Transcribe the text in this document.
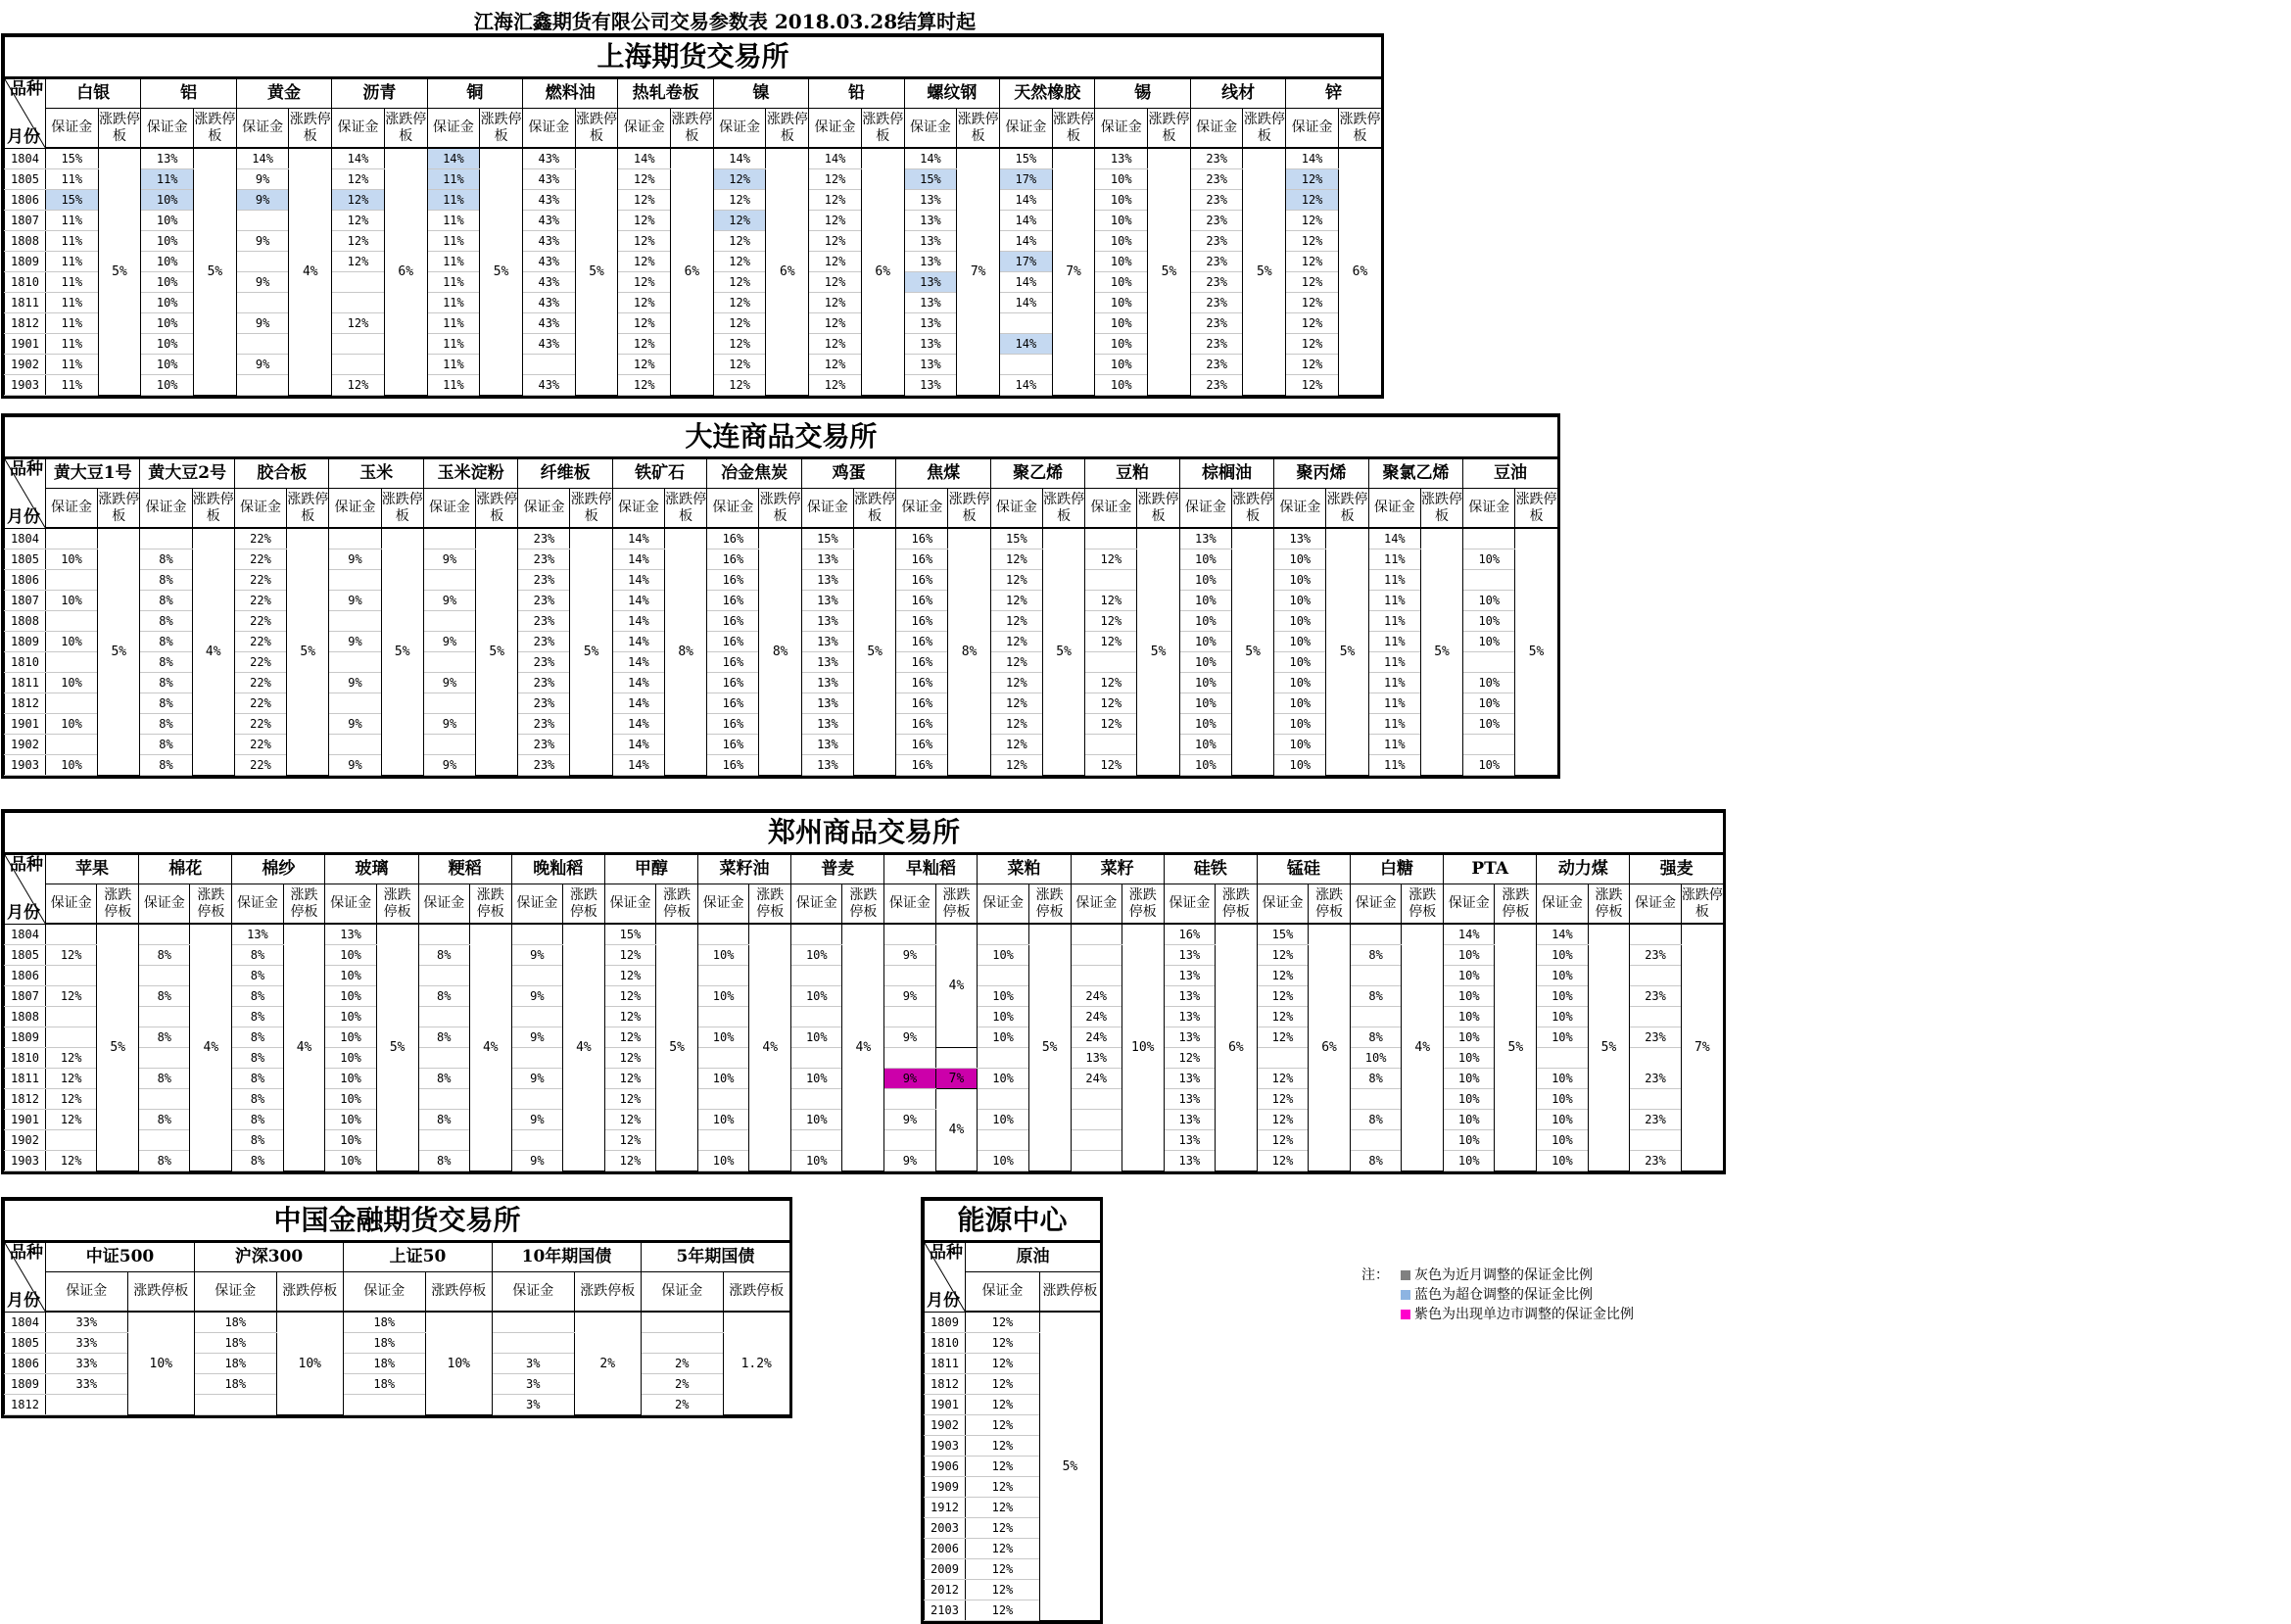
江海汇鑫期货有限公司交易参数表 2018.03.28结算时起
上海期货交易所																												

品种
月份	白银		铝		黄金		沥青		铜		燃料油		热轧卷板		镍		铅		螺纹钢		天然橡胶		锡		线材		锌	
	保证金	涨跌停板	保证金	涨跌停板	保证金	涨跌停板	保证金	涨跌停板	保证金	涨跌停板	保证金	涨跌停板	保证金	涨跌停板	保证金	涨跌停板	保证金	涨跌停板	保证金	涨跌停板	保证金	涨跌停板	保证金	涨跌停板	保证金	涨跌停板	保证金	涨跌停板
1804	15%	5%	13%	5%	14%	4%	14%	6%	14%	5%	43%	5%	14%	6%	14%	6%	14%	6%	14%	7%	15%	7%	13%	5%	23%	5%	14%	6%
1805	11%		11%		9%		12%		11%		43%		12%		12%		12%		15%		17%		10%		23%		12%	
1806	15%		10%		9%		12%		11%		43%		12%		12%		12%		13%		14%		10%		23%		12%	
1807	11%		10%				12%		11%		43%		12%		12%		12%		13%		14%		10%		23%		12%	
1808	11%		10%		9%		12%		11%		43%		12%		12%		12%		13%		14%		10%		23%		12%	
1809	11%		10%				12%		11%		43%		12%		12%		12%		13%		17%		10%		23%		12%	
1810	11%		10%		9%				11%		43%		12%		12%		12%		13%		14%		10%		23%		12%	
1811	11%		10%						11%		43%		12%		12%		12%		13%		14%		10%		23%		12%	
1812	11%		10%		9%		12%		11%		43%		12%		12%		12%		13%				10%		23%		12%	
1901	11%		10%						11%		43%		12%		12%		12%		13%		14%		10%		23%		12%	
1902	11%		10%		9%				11%				12%		12%		12%		13%				10%		23%		12%	
1903	11%		10%				12%		11%		43%		12%		12%		12%		13%		14%		10%		23%		12%	
大连商品交易所																																

品种
月份	黄大豆1号		黄大豆2号		胶合板		玉米		玉米淀粉		纤维板		铁矿石		冶金焦炭		鸡蛋		焦煤		聚乙烯		豆粕		棕榈油		聚丙烯		聚氯乙烯		豆油	
	保证金	涨跌停板	保证金	涨跌停板	保证金	涨跌停板	保证金	涨跌停板	保证金	涨跌停板	保证金	涨跌停板	保证金	涨跌停板	保证金	涨跌停板	保证金	涨跌停板	保证金	涨跌停板	保证金	涨跌停板	保证金	涨跌停板	保证金	涨跌停板	保证金	涨跌停板	保证金	涨跌停板	保证金	涨跌停板
1804		5%		4%	22%	5%		5%		5%	23%	5%	14%	8%	16%	8%	15%	5%	16%	8%	15%	5%		5%	13%	5%	13%	5%	14%	5%		5%
1805	10%		8%		22%		9%		9%		23%		14%		16%		13%		16%		12%		12%		10%		10%		11%		10%	
1806			8%		22%						23%		14%		16%		13%		16%		12%				10%		10%		11%			
1807	10%		8%		22%		9%		9%		23%		14%		16%		13%		16%		12%		12%		10%		10%		11%		10%	
1808			8%		22%						23%		14%		16%		13%		16%		12%		12%		10%		10%		11%		10%	
1809	10%		8%		22%		9%		9%		23%		14%		16%		13%		16%		12%		12%		10%		10%		11%		10%	
1810			8%		22%						23%		14%		16%		13%		16%		12%				10%		10%		11%			
1811	10%		8%		22%		9%		9%		23%		14%		16%		13%		16%		12%		12%		10%		10%		11%		10%	
1812			8%		22%						23%		14%		16%		13%		16%		12%		12%		10%		10%		11%		10%	
1901	10%		8%		22%		9%		9%		23%		14%		16%		13%		16%		12%		12%		10%		10%		11%		10%	
1902			8%		22%						23%		14%		16%		13%		16%		12%				10%		10%		11%			
1903	10%		8%		22%		9%		9%		23%		14%		16%		13%		16%		12%		12%		10%		10%		11%		10%	
郑州商品交易所																																				

品种
月份	苹果		棉花		棉纱		玻璃		粳稻		晚籼稻		甲醇		菜籽油		普麦		早籼稻		菜粕		菜籽		硅铁		锰硅		白糖		PTA		动力煤		强麦	
	保证金	涨跌停板	保证金	涨跌停板	保证金	涨跌停板	保证金	涨跌停板	保证金	涨跌停板	保证金	涨跌停板	保证金	涨跌停板	保证金	涨跌停板	保证金	涨跌停板	保证金	涨跌停板	保证金	涨跌停板	保证金	涨跌停板	保证金	涨跌停板	保证金	涨跌停板	保证金	涨跌停板	保证金	涨跌停板	保证金	涨跌停板	保证金	涨跌停板
1804		5%		4%	13%	4%	13%	5%		4%		4%	15%	5%		4%		4%		4%		5%		10%	16%	6%	15%	6%		4%	14%	5%	14%	5%		7%
1805	12%		8%		8%		10%		8%		9%		12%		10%		10%		9%		10%				13%		12%		8%		10%		10%		23%	
1806					8%		10%						12%												13%		12%				10%		10%			
1807	12%		8%		8%		10%		8%		9%		12%		10%		10%		9%		10%		24%		13%		12%		8%		10%		10%		23%	
1808					8%		10%						12%								10%		24%		13%		12%				10%		10%			
1809			8%		8%		10%		8%		9%		12%		10%		10%		9%		10%		24%		13%		12%		8%		10%		10%		23%	
1810	12%				8%		10%						12%										13%		12%				10%		10%					
1811	12%		8%		8%		10%		8%		9%		12%		10%		10%		9%	7%	10%		24%		13%		12%		8%		10%		10%		23%	
1812	12%				8%		10%						12%							4%					13%		12%				10%		10%			
1901	12%		8%		8%		10%		8%		9%		12%		10%		10%		9%		10%				13%		12%		8%		10%		10%		23%	
1902					8%		10%						12%												13%		12%				10%		10%			
1903	12%		8%		8%		10%		8%		9%		12%		10%		10%		9%		10%				13%		12%		8%		10%		10%		23%	
中国金融期货交易所										

品种
月份	中证500		沪深300		上证50		10年期国债		5年期国债	
	保证金	涨跌停板	保证金	涨跌停板	保证金	涨跌停板	保证金	涨跌停板	保证金	涨跌停板
1804	33%	10%	18%	10%	18%	10%		2%		1.2%
1805	33%		18%		18%					
1806	33%		18%		18%		3%		2%	
1809	33%		18%		18%		3%		2%	
1812							3%		2%	
能源中心		

品种
月份	原油	
	保证金	涨跌停板
1809	12%	5%
1810	12%	
1811	12%	
1812	12%	
1901	12%	
1902	12%	
1903	12%	
1906	12%	
1909	12%	
1912	12%	
2003	12%	
2006	12%	
2009	12%	
2012	12%	
2103	12%	
注：	灰色为近月调整的保证金比例
蓝色为超仓调整的保证金比例
紫色为出现单边市调整的保证金比例
